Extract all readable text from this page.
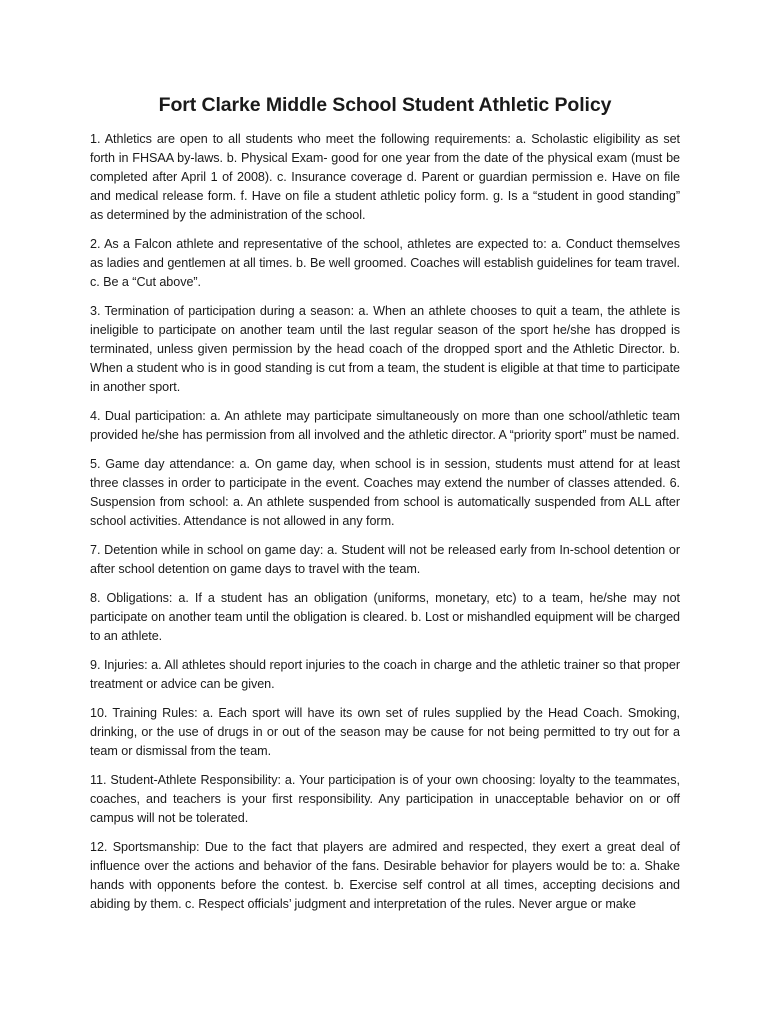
Fort Clarke Middle School Student Athletic Policy

1. Athletics are open to all students who meet the following requirements: a. Scholastic eligibility as set forth in FHSAA by-laws. b. Physical Exam- good for one year from the date of the physical exam (must be completed after April 1 of 2008). c. Insurance coverage d. Parent or guardian permission e. Have on file and medical release form. f. Have on file a student athletic policy form. g. Is a “student in good standing” as determined by the administration of the school.

2. As a Falcon athlete and representative of the school, athletes are expected to: a. Conduct themselves as ladies and gentlemen at all times. b. Be well groomed. Coaches will establish guidelines for team travel. c. Be a “Cut above”.

3. Termination of participation during a season: a. When an athlete chooses to quit a team, the athlete is ineligible to participate on another team until the last regular season of the sport he/she has dropped is terminated, unless given permission by the head coach of the dropped sport and the Athletic Director. b. When a student who is in good standing is cut from a team, the student is eligible at that time to participate in another sport.

4. Dual participation: a. An athlete may participate simultaneously on more than one school/athletic team provided he/she has permission from all involved and the athletic director. A “priority sport” must be named.

5. Game day attendance: a. On game day, when school is in session, students must attend for at least three classes in order to participate in the event. Coaches may extend the number of classes attended. 6. Suspension from school: a. An athlete suspended from school is automatically suspended from ALL after school activities. Attendance is not allowed in any form.

7. Detention while in school on game day: a. Student will not be released early from In-school detention or after school detention on game days to travel with the team.

8. Obligations: a. If a student has an obligation (uniforms, monetary, etc) to a team, he/she may not participate on another team until the obligation is cleared. b. Lost or mishandled equipment will be charged to an athlete.

9. Injuries: a. All athletes should report injuries to the coach in charge and the athletic trainer so that proper treatment or advice can be given.

10. Training Rules: a. Each sport will have its own set of rules supplied by the Head Coach. Smoking, drinking, or the use of drugs in or out of the season may be cause for not being permitted to try out for a team or dismissal from the team.

11. Student-Athlete Responsibility: a. Your participation is of your own choosing: loyalty to the teammates, coaches, and teachers is your first responsibility. Any participation in unacceptable behavior on or off campus will not be tolerated.

12. Sportsmanship: Due to the fact that players are admired and respected, they exert a great deal of influence over the actions and behavior of the fans. Desirable behavior for players would be to: a. Shake hands with opponents before the contest. b. Exercise self control at all times, accepting decisions and abiding by them. c. Respect officials’ judgment and interpretation of the rules. Never argue or make
